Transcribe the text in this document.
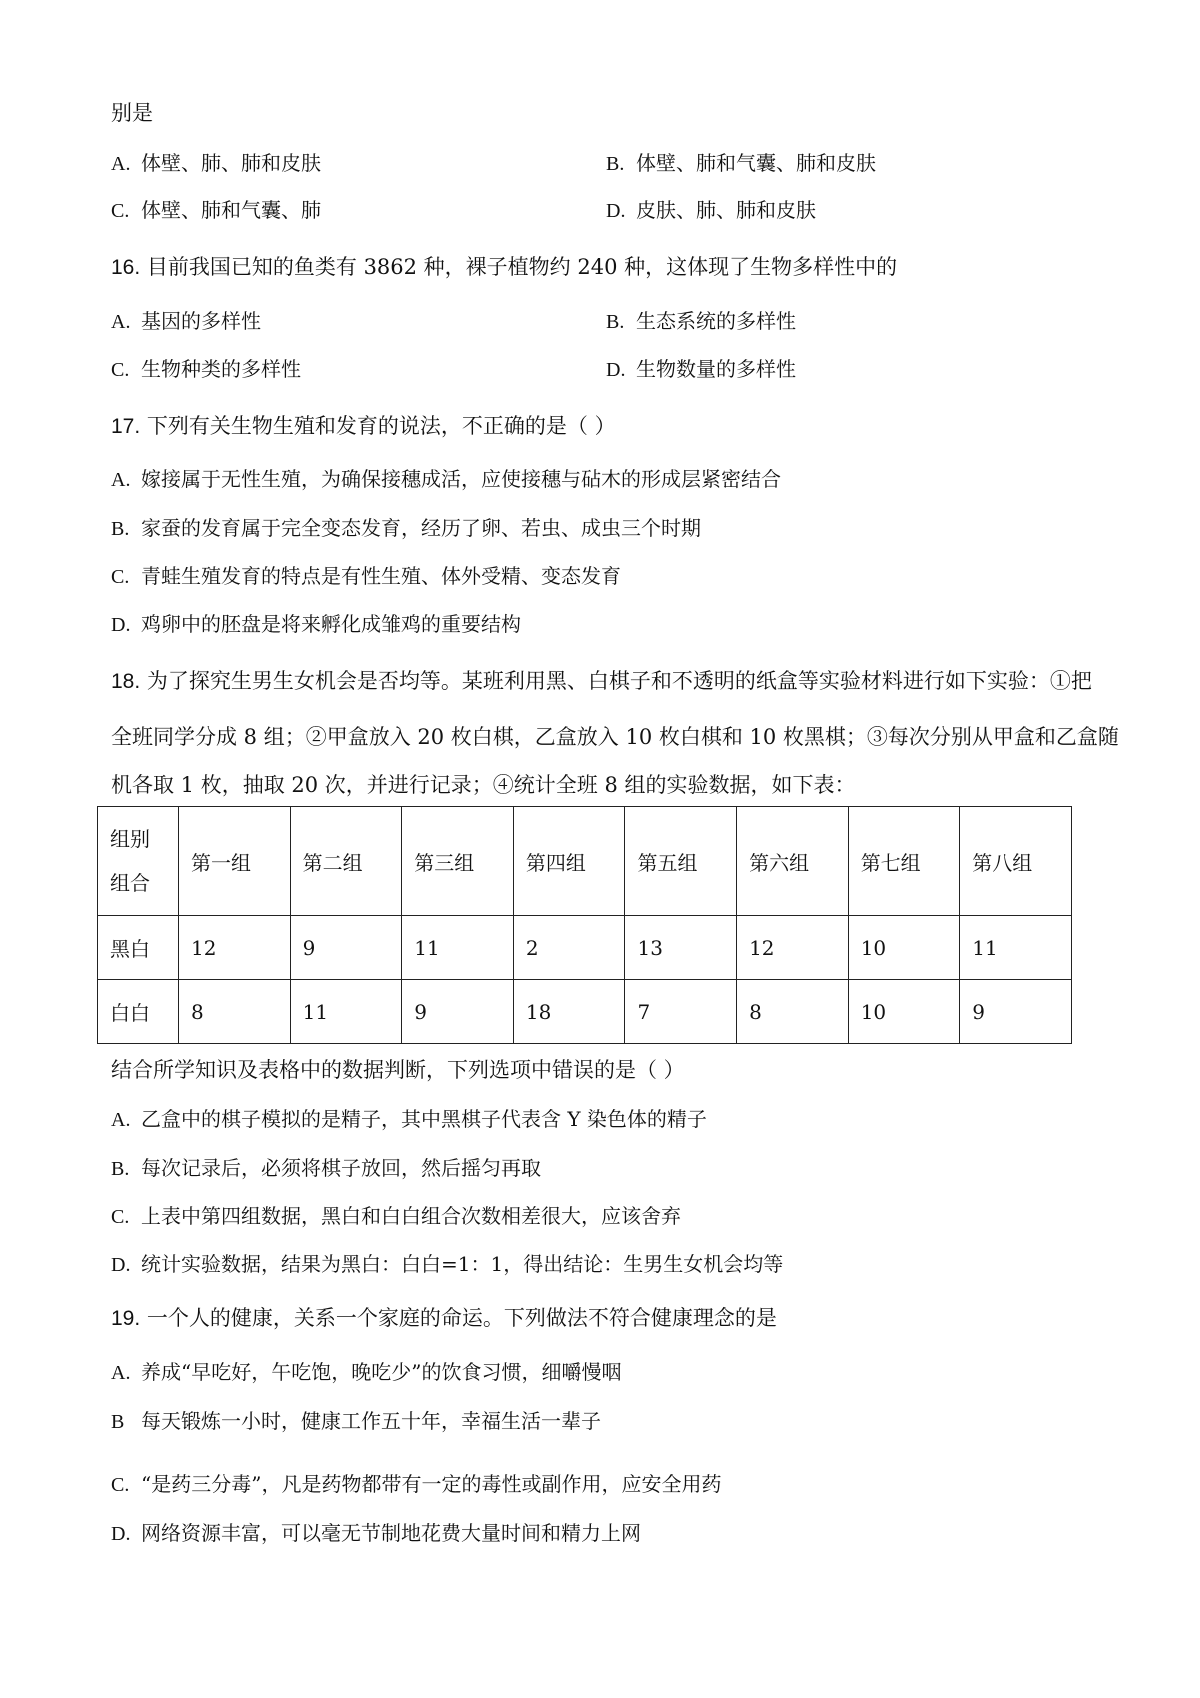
别是
A. 体壁、肺、肺和皮肤	B. 体壁、肺和气囊、肺和皮肤
C. 体壁、肺和气囊、肺	D. 皮肤、肺、肺和皮肤
16. 目前我国已知的鱼类有 3862 种，裸子植物约 240 种，这体现了生物多样性中的
A. 基因的多样性	B. 生态系统的多样性
C. 生物种类的多样性	D. 生物数量的多样性
17. 下列有关生物生殖和发育的说法，不正确的是（ ）
A. 嫁接属于无性生殖，为确保接穗成活，应使接穗与砧木的形成层紧密结合
B. 家蚕的发育属于完全变态发育，经历了卵、若虫、成虫三个时期
C. 青蛙生殖发育的特点是有性生殖、体外受精、变态发育
D. 鸡卵中的胚盘是将来孵化成雏鸡的重要结构
18. 为了探究生男生女机会是否均等。某班利用黑、白棋子和不透明的纸盒等实验材料进行如下实验：①把
全班同学分成 8 组；②甲盒放入 20 枚白棋，乙盒放入 10 枚白棋和 10 枚黑棋；③每次分别从甲盒和乙盒随
机各取 1 枚，抽取 20 次，并进行记录；④统计全班 8 组的实验数据，如下表：
组别
组合	第一组	第二组	第三组	第四组	第五组	第六组	第七组	第八组
黑白	12	9	11	2	13	12	10	11
白白	8	11	9	18	7	8	10	9
结合所学知识及表格中的数据判断，下列选项中错误的是（ ）
A. 乙盒中的棋子模拟的是精子，其中黑棋子代表含 Y 染色体的精子
B. 每次记录后，必须将棋子放回，然后摇匀再取
C. 上表中第四组数据，黑白和白白组合次数相差很大，应该舍弃
D. 统计实验数据，结果为黑白：白白=1：1，得出结论：生男生女机会均等
19. 一个人的健康，关系一个家庭的命运。下列做法不符合健康理念的是
A. 养成“早吃好，午吃饱，晚吃少”的饮食习惯，细嚼慢咽
B 每天锻炼一小时，健康工作五十年，幸福生活一辈子
C. “是药三分毒”，凡是药物都带有一定的毒性或副作用，应安全用药
D. 网络资源丰富，可以毫无节制地花费大量时间和精力上网
